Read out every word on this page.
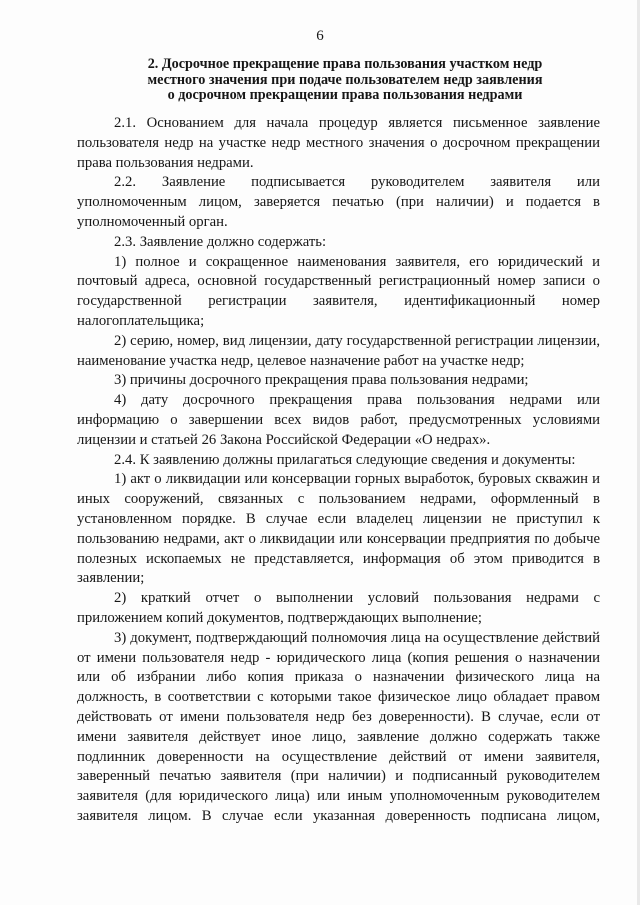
6
2. Досрочное прекращение права пользования участком недр
местного значения при подаче пользователем недр заявления
о досрочном прекращении права пользования недрами

2.1. Основанием для начала процедур является письменное заявление пользователя недр на участке недр местного значения о досрочном прекращении права пользования недрами.

2.2. Заявление подписывается руководителем заявителя или уполномоченным лицом, заверяется печатью (при наличии) и подается в уполномоченный орган.

2.3. Заявление должно содержать:

1) полное и сокращенное наименования заявителя, его юридический и почтовый адреса, основной государственный регистрационный номер записи о государственной регистрации заявителя, идентификационный номер налогоплательщика;

2) серию, номер, вид лицензии, дату государственной регистрации лицензии, наименование участка недр, целевое назначение работ на участке недр;

3) причины досрочного прекращения права пользования недрами;

4) дату досрочного прекращения права пользования недрами или информацию о завершении всех видов работ, предусмотренных условиями лицензии и статьей 26 Закона Российской Федерации «О недрах».

2.4. К заявлению должны прилагаться следующие сведения и документы:

1) акт о ликвидации или консервации горных выработок, буровых скважин и иных сооружений, связанных с пользованием недрами, оформленный в установленном порядке. В случае если владелец лицензии не приступил к пользованию недрами, акт о ликвидации или консервации предприятия по добыче полезных ископаемых не представляется, информация об этом приводится в заявлении;

2) краткий отчет о выполнении условий пользования недрами с приложением копий документов, подтверждающих выполнение;

3) документ, подтверждающий полномочия лица на осуществление действий от имени пользователя недр - юридического лица (копия решения о назначении или об избрании либо копия приказа о назначении физического лица на должность, в соответствии с которыми такое физическое лицо обладает правом действовать от имени пользователя недр без доверенности). В случае, если от имени заявителя действует иное лицо, заявление должно содержать также подлинник доверенности на осуществление действий от имени заявителя, заверенный печатью заявителя (при наличии) и подписанный руководителем заявителя (для юридического лица) или иным уполномоченным руководителем заявителя лицом. В случае если указанная доверенность подписана лицом,
